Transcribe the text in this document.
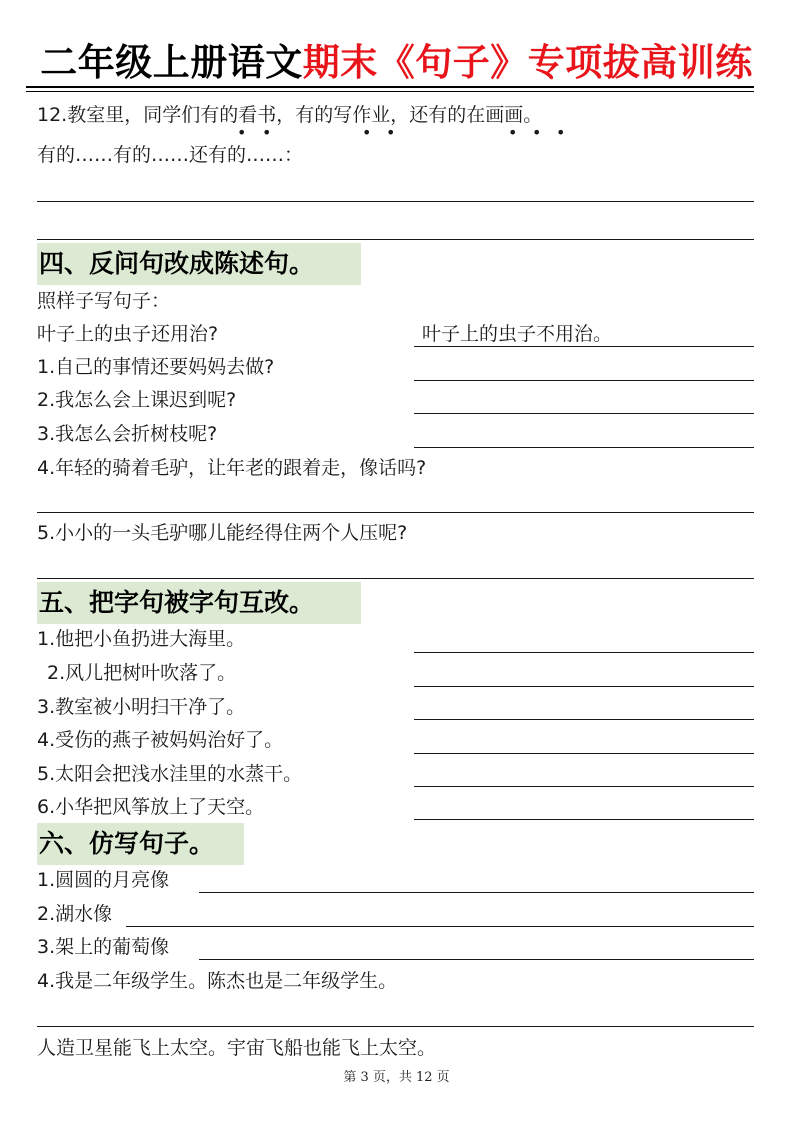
二年级上册语文期末《句子》专项拔高训练
12.教室里，同学们有的看书，有的写作业，还有的在画画。
• •	• •	• • •
有的……有的……还有的……：
四、反问句改成陈述句。
照样子写句子：
叶子上的虫子还用治?	叶子上的虫子不用治。
1.自己的事情还要妈妈去做?
2.我怎么会上课迟到呢?
3.我怎么会折树枝呢?
4.年轻的骑着毛驴，让年老的跟着走，像话吗?
5.小小的一头毛驴哪儿能经得住两个人压呢?
五、把字句被字句互改。
1.他把小鱼扔进大海里。
2.风儿把树叶吹落了。
3.教室被小明扫干净了。
4.受伤的燕子被妈妈治好了。
5.太阳会把浅水洼里的水蒸干。
6.小华把风筝放上了天空。
六、仿写句子。
1.圆圆的月亮像
2.湖水像
3.架上的葡萄像
4.我是二年级学生。陈杰也是二年级学生。
人造卫星能飞上太空。宇宙飞船也能飞上太空。
第 3 页，共 12 页
